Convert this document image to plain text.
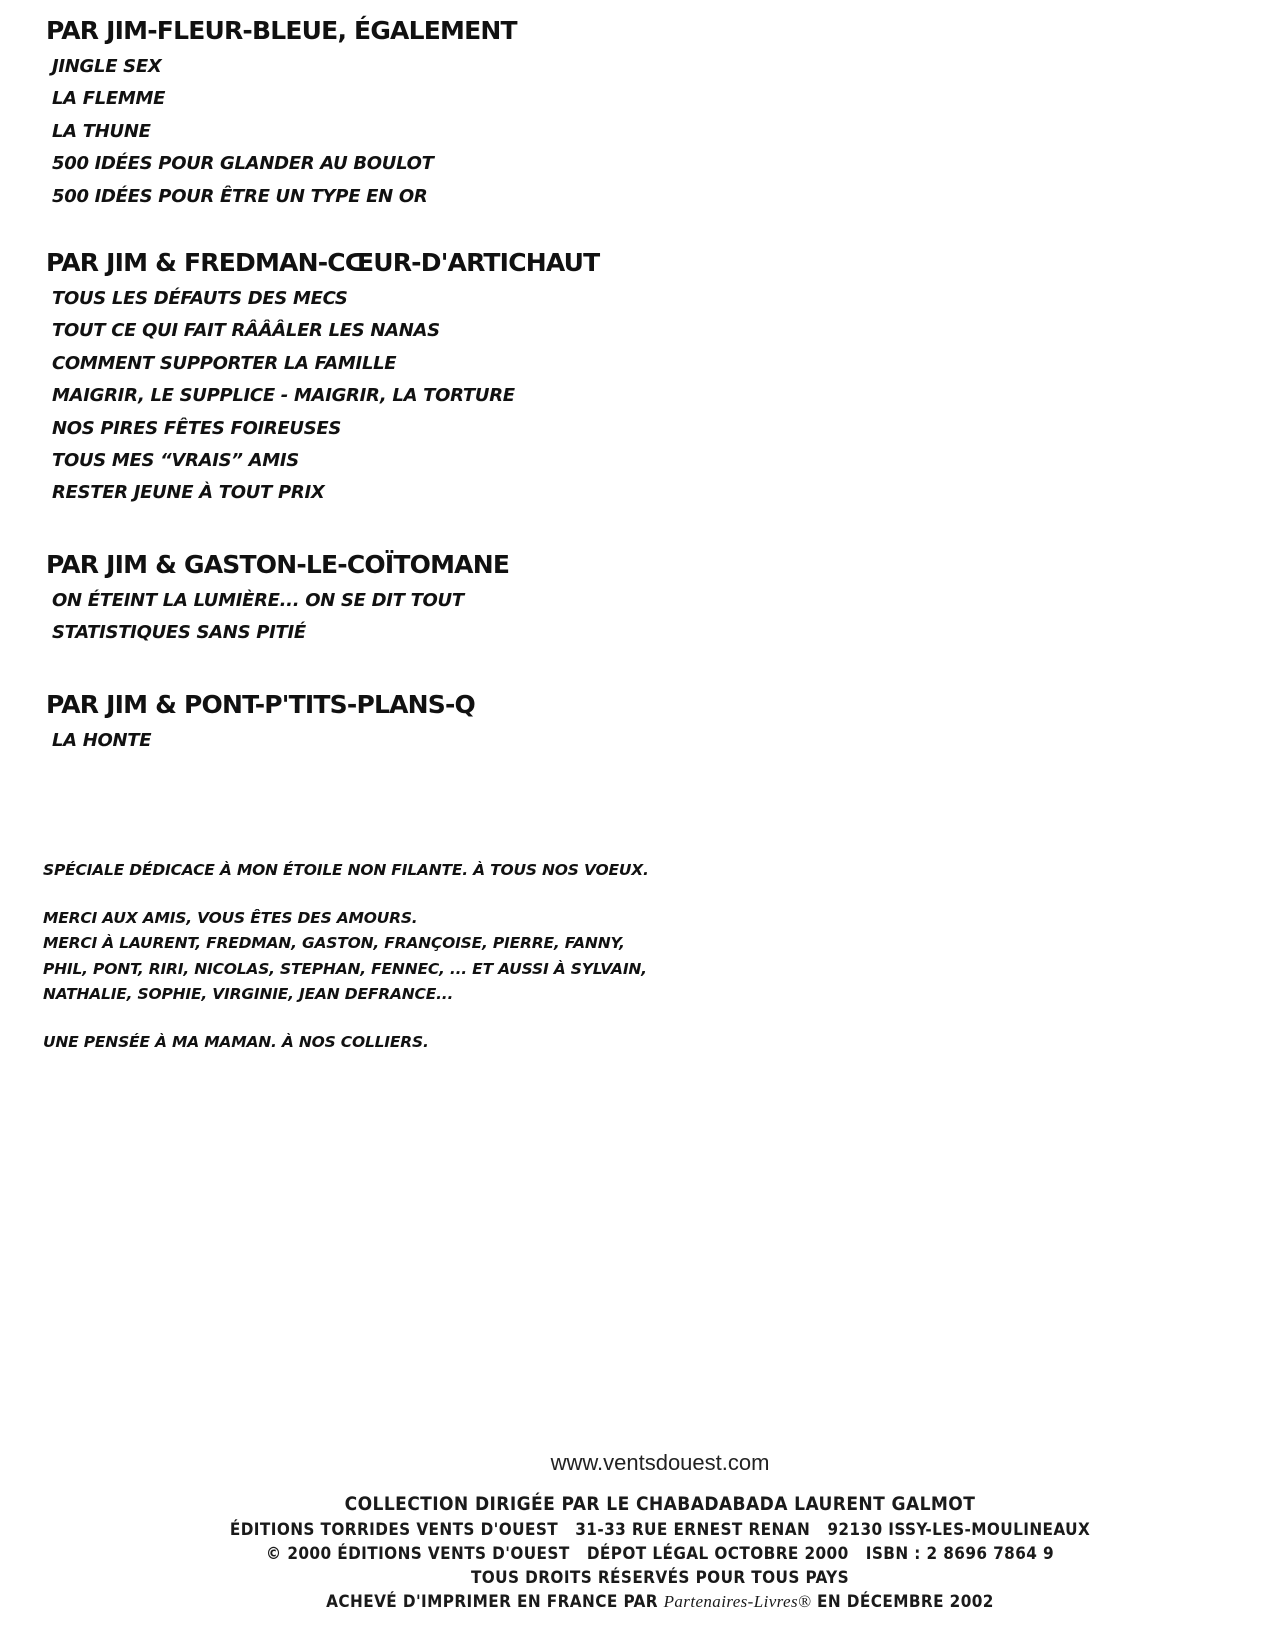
PAR JIM-FLEUR-BLEUE, ÉGALEMENT
JINGLE SEX
LA FLEMME
LA THUNE
500 IDÉES POUR GLANDER AU BOULOT
500 IDÉES POUR ÊTRE UN TYPE EN OR
PAR JIM & FREDMAN-CŒUR-D'ARTICHAUT
TOUS LES DÉFAUTS DES MECS
TOUT CE QUI FAIT RÂÂÂLER LES NANAS
COMMENT SUPPORTER LA FAMILLE
MAIGRIR, LE SUPPLICE - MAIGRIR, LA TORTURE
NOS PIRES FÊTES FOIREUSES
TOUS MES “VRAIS” AMIS
RESTER JEUNE À TOUT PRIX
PAR JIM & GASTON-LE-COÏTOMANE
ON ÉTEINT LA LUMIÈRE... ON SE DIT TOUT
STATISTIQUES SANS PITIÉ
PAR JIM & PONT-P'TITS-PLANS-Q
LA HONTE

SPÉCIALE DÉDICACE À MON ÉTOILE NON FILANTE. À TOUS NOS VOEUX.

MERCI AUX AMIS, VOUS ÊTES DES AMOURS.
MERCI À LAURENT, FREDMAN, GASTON, FRANÇOISE, PIERRE, FANNY,
PHIL, PONT, RIRI, NICOLAS, STEPHAN, FENNEC, ... ET AUSSI À SYLVAIN,
NATHALIE, SOPHIE, VIRGINIE, JEAN DEFRANCE...

UNE PENSÉE À MA MAMAN. À NOS COLLIERS.

www.ventsdouest.com
COLLECTION DIRIGÉE PAR LE CHABADABADA LAURENT GALMOT
ÉDITIONS TORRIDES VENTS D'OUEST   31-33 RUE ERNEST RENAN   92130 ISSY-LES-MOULINEAUX
© 2000 ÉDITIONS VENTS D'OUEST   DÉPOT LÉGAL OCTOBRE 2000   ISBN : 2 8696 7864 9
TOUS DROITS RÉSERVÉS POUR TOUS PAYS
ACHEVÉ D'IMPRIMER EN FRANCE PAR Partenaires-Livres® EN DÉCEMBRE 2002
